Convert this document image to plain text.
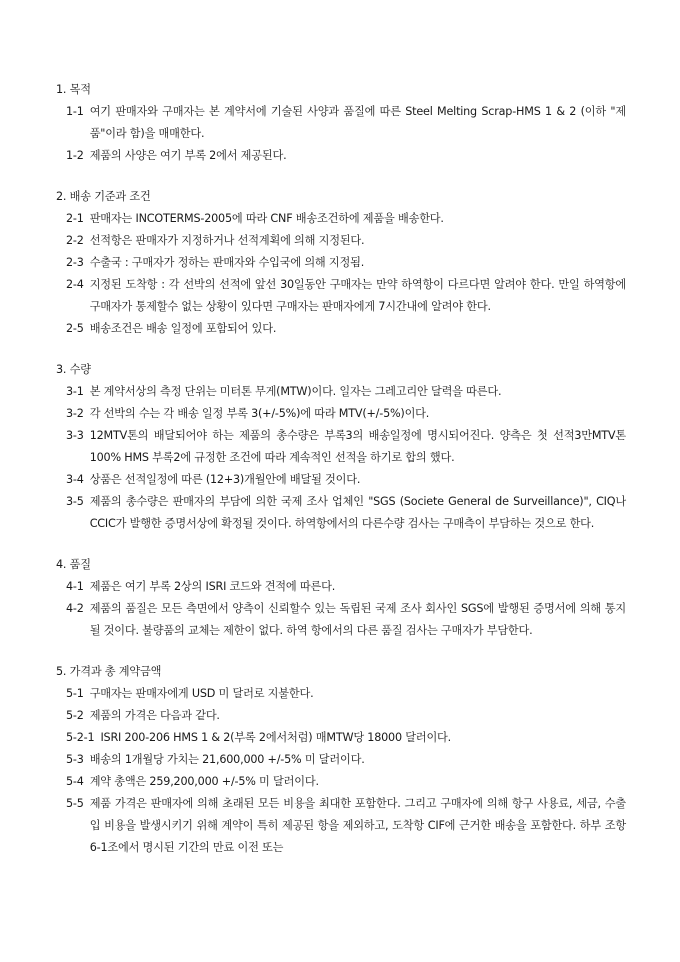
1. 목적
1-1 여기 판매자와 구매자는 본 계약서에 기술된 사양과 품질에 따른 Steel Melting Scrap-HMS 1 & 2 (이하 "제품"이라 함)을 매매한다.
1-2 제품의 사양은 여기 부록 2에서 제공된다.
2. 배송 기준과 조건
2-1 판매자는 INCOTERMS-2005에 따라 CNF 배송조건하에 제품을 배송한다.
2-2 선적항은 판매자가 지정하거나 선적계획에 의해 지정된다.
2-3 수출국 : 구매자가 정하는 판매자와 수입국에 의해 지정됨.
2-4 지정된 도착항 : 각 선박의 선적에 앞선 30일동안 구매자는 만약 하역항이 다르다면 알려야 한다. 만일 하역항에 구매자가 통제할수 없는 상황이 있다면 구매자는 판매자에게 7시간내에 알려야 한다.
2-5 배송조건은 배송 일정에 포함되어 있다.
3. 수량
3-1 본 계약서상의 측정 단위는 미터톤 무게(MTW)이다. 일자는 그레고리안 달력을 따른다.
3-2 각 선박의 수는 각 배송 일정 부록 3(+/-5%)에 따라 MTV(+/-5%)이다.
3-3 12MTV톤의 배달되어야 하는 제품의 총수량은 부록3의 배송일정에 명시되어진다. 양측은 첫 선적3만MTV톤 100% HMS 부록2에 규정한 조건에 따라 계속적인 선적을 하기로 합의 했다.
3-4 상품은 선적일정에 따른 (12+3)개월안에 배달될 것이다.
3-5 제품의 총수량은 판매자의 부담에 의한 국제 조사 업체인 "SGS (Societe General de Surveillance)", CIQ나 CCIC가 발행한 증명서상에 확정될 것이다. 하역항에서의 다른수량 검사는 구매측이 부담하는 것으로 한다.
4. 품질
4-1 제품은 여기 부록 2상의 ISRI 코드와 견적에 따른다.
4-2 제품의 품질은 모든 측면에서 양측이 신뢰할수 있는 독립된 국제 조사 회사인 SGS에 발행된 증명서에 의해 통지될 것이다. 불량품의 교체는 제한이 없다. 하역 항에서의 다른 품질 검사는 구매자가 부담한다.
5. 가격과 총 계약금액
5-1 구매자는 판매자에게 USD 미 달러로 지불한다.
5-2 제품의 가격은 다음과 같다.
5-2-1 ISRI 200-206 HMS 1 & 2(부록 2에서처럼) 매MTW당 18000 달러이다.
5-3 배송의 1개월당 가치는 21,600,000 +/-5% 미 달러이다.
5-4 계약 총액은 259,200,000 +/-5% 미 달러이다.
5-5 제품 가격은 판매자에 의해 초래된 모든 비용을 최대한 포함한다. 그리고 구매자에 의해 항구 사용료, 세금, 수출입 비용을 발생시키기 위해 계약이 특히 제공된 항을 제외하고, 도착항 CIF에 근거한 배송을 포함한다. 하부 조항 6-1조에서 명시된 기간의 만료 이전 또는
